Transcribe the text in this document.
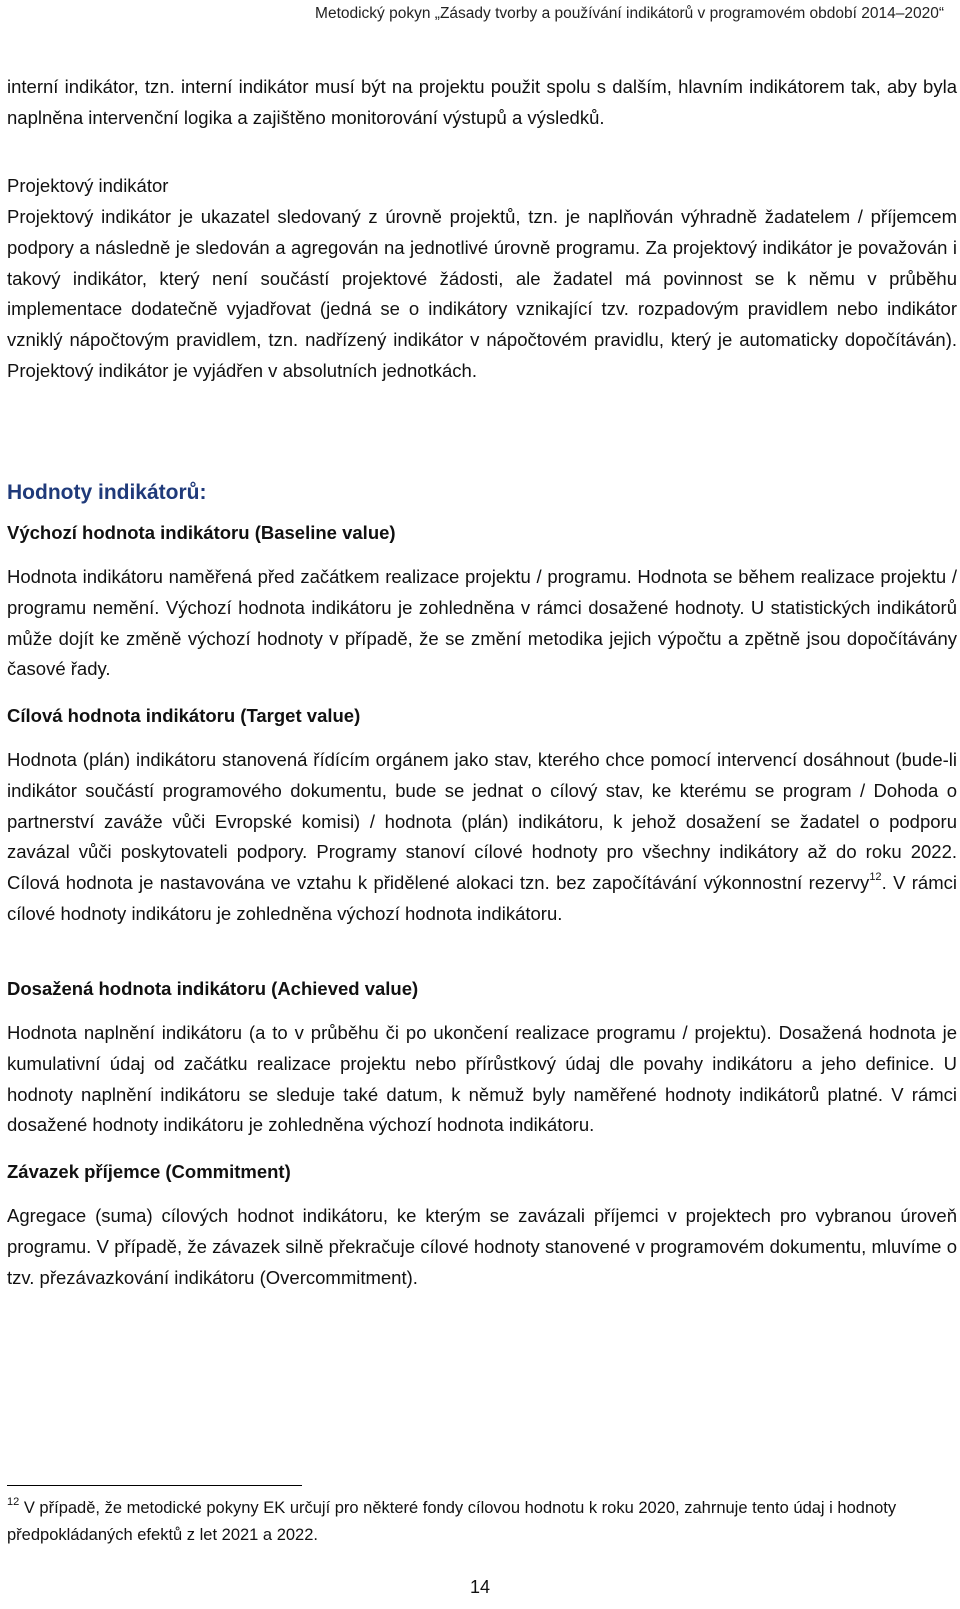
Metodický pokyn „Zásady tvorby a používání indikátorů v programovém období 2014–2020“

interní indikátor, tzn. interní indikátor musí být na projektu použit spolu s dalším, hlavním indikátorem tak, aby byla naplněna intervenční logika a zajištěno monitorování výstupů a výsledků.

Projektový indikátor

Projektový indikátor je ukazatel sledovaný z úrovně projektů, tzn. je naplňován výhradně žadatelem / příjemcem podpory a následně je sledován a agregován na jednotlivé úrovně programu. Za projektový indikátor je považován i takový indikátor, který není součástí projektové žádosti, ale žadatel má povinnost se k němu v průběhu implementace dodatečně vyjadřovat (jedná se o indikátory vznikající tzv. rozpadovým pravidlem nebo indikátor vzniklý nápočtovým pravidlem, tzn. nadřízený indikátor v nápočtovém pravidlu, který je automaticky dopočítáván). Projektový indikátor je vyjádřen v absolutních jednotkách.

Hodnoty indikátorů:
Výchozí hodnota indikátoru (Baseline value)

Hodnota indikátoru naměřená před začátkem realizace projektu / programu. Hodnota se během realizace projektu / programu nemění. Výchozí hodnota indikátoru je zohledněna v rámci dosažené hodnoty. U statistických indikátorů může dojít ke změně výchozí hodnoty v případě, že se změní metodika jejich výpočtu a zpětně jsou dopočítávány časové řady.

Cílová hodnota indikátoru (Target value)

Hodnota (plán) indikátoru stanovená řídícím orgánem jako stav, kterého chce pomocí intervencí dosáhnout (bude-li indikátor součástí programového dokumentu, bude se jednat o cílový stav, ke kterému se program / Dohoda o partnerství zaváže vůči Evropské komisi) / hodnota (plán) indikátoru, k jehož dosažení se žadatel o podporu zavázal vůči poskytovateli podpory. Programy stanoví cílové hodnoty pro všechny indikátory až do roku 2022. Cílová hodnota je nastavována ve vztahu k přidělené alokaci tzn. bez započítávání výkonnostní rezervy$^{12}$. V rámci cílové hodnoty indikátoru je zohledněna výchozí hodnota indikátoru.

Dosažená hodnota indikátoru (Achieved value)

Hodnota naplnění indikátoru (a to v průběhu či po ukončení realizace programu / projektu). Dosažená hodnota je kumulativní údaj od začátku realizace projektu nebo přírůstkový údaj dle povahy indikátoru a jeho definice. U hodnoty naplnění indikátoru se sleduje také datum, k němuž byly naměřené hodnoty indikátorů platné. V rámci dosažené hodnoty indikátoru je zohledněna výchozí hodnota indikátoru.

Závazek příjemce (Commitment)

Agregace (suma) cílových hodnot indikátoru, ke kterým se zavázali příjemci v projektech pro vybranou úroveň programu. V případě, že závazek silně překračuje cílové hodnoty stanovené v programovém dokumentu, mluvíme o tzv. přezávazkování indikátoru (Overcommitment).

$^{12}$ V případě, že metodické pokyny EK určují pro některé fondy cílovou hodnotu k roku 2020, zahrnuje tento údaj i hodnoty předpokládaných efektů z let 2021 a 2022.
14
